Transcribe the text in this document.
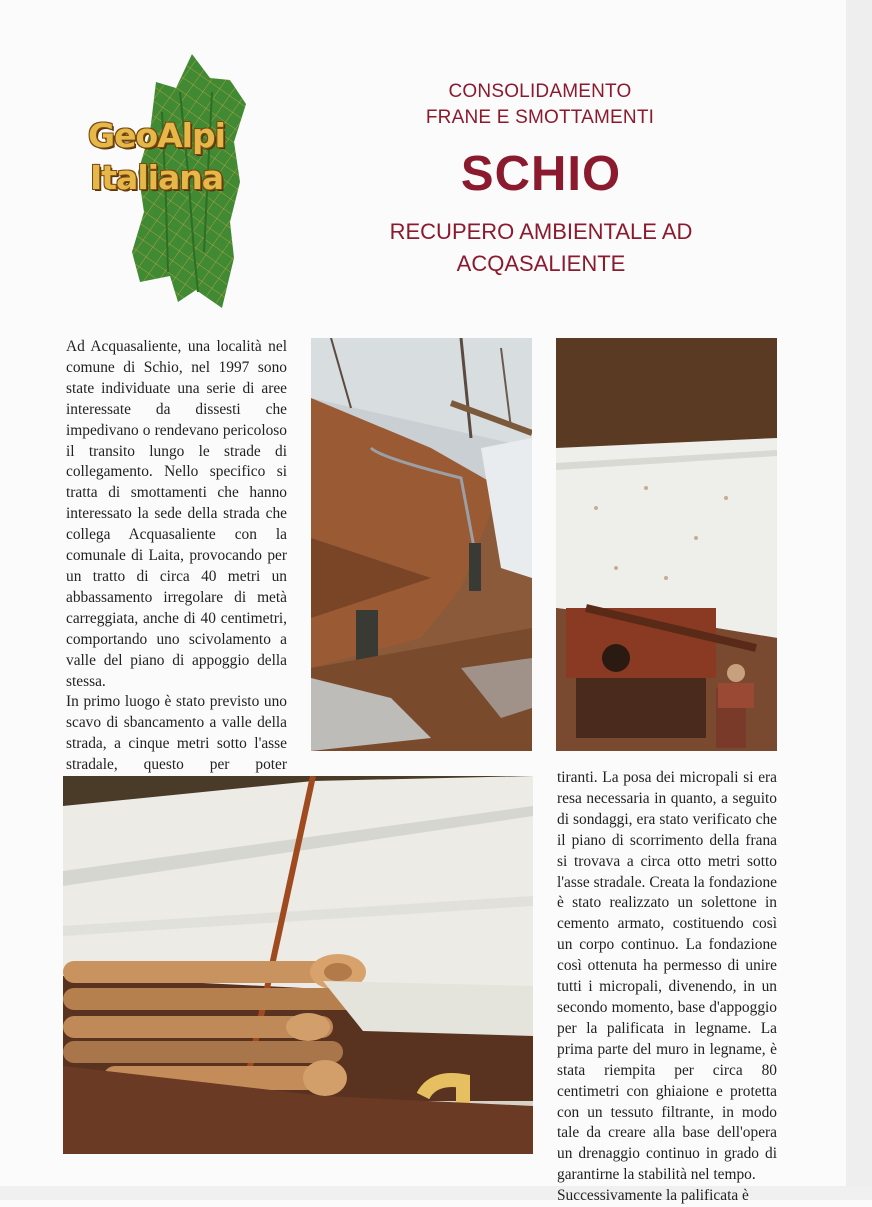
GeoAlpi
Italiana
CONSOLIDAMENTO
FRANE E SMOTTAMENTI
SCHIO
RECUPERO AMBIENTALE AD
ACQASALIENTE

Ad Acquasaliente, una località nel comune di Schio, nel 1997 sono state individuate una serie di aree interessate da dissesti che impedivano o rendevano pericoloso il transito lungo le strade di collegamento. Nello specifico si tratta di smottamenti che hanno interessato la sede della strada che collega Acquasaliente con la comunale di Laita, provocando per un tratto di circa 40 metri un abbassamento irregolare di metà carreggiata, anche di 40 centimetri, comportando uno scivolamento a valle del piano di appoggio della stessa.

In primo luogo è stato previsto uno scavo di sbancamento a valle della strada, a cinque metri sotto l'asse stradale, questo per poter

tiranti. La posa dei micropali si era resa necessaria in quanto, a seguito di sondaggi, era stato verificato che il piano di scorrimento della frana si trovava a circa otto metri sotto l'asse stradale. Creata la fondazione è stato realizzato un solettone in cemento armato, costituendo così un corpo continuo. La fondazione così ottenuta ha permesso di unire tutti i micropali, divenendo, in un secondo momento, base d'appoggio per la palificata in legname. La prima parte del muro in legname, è stata riempita per circa 80 centimetri con ghiaione e protetta con un tessuto filtrante, in modo tale da creare alla base dell'opera un drenaggio continuo in grado di garantirne la stabilità nel tempo.

Successivamente la palificata è
